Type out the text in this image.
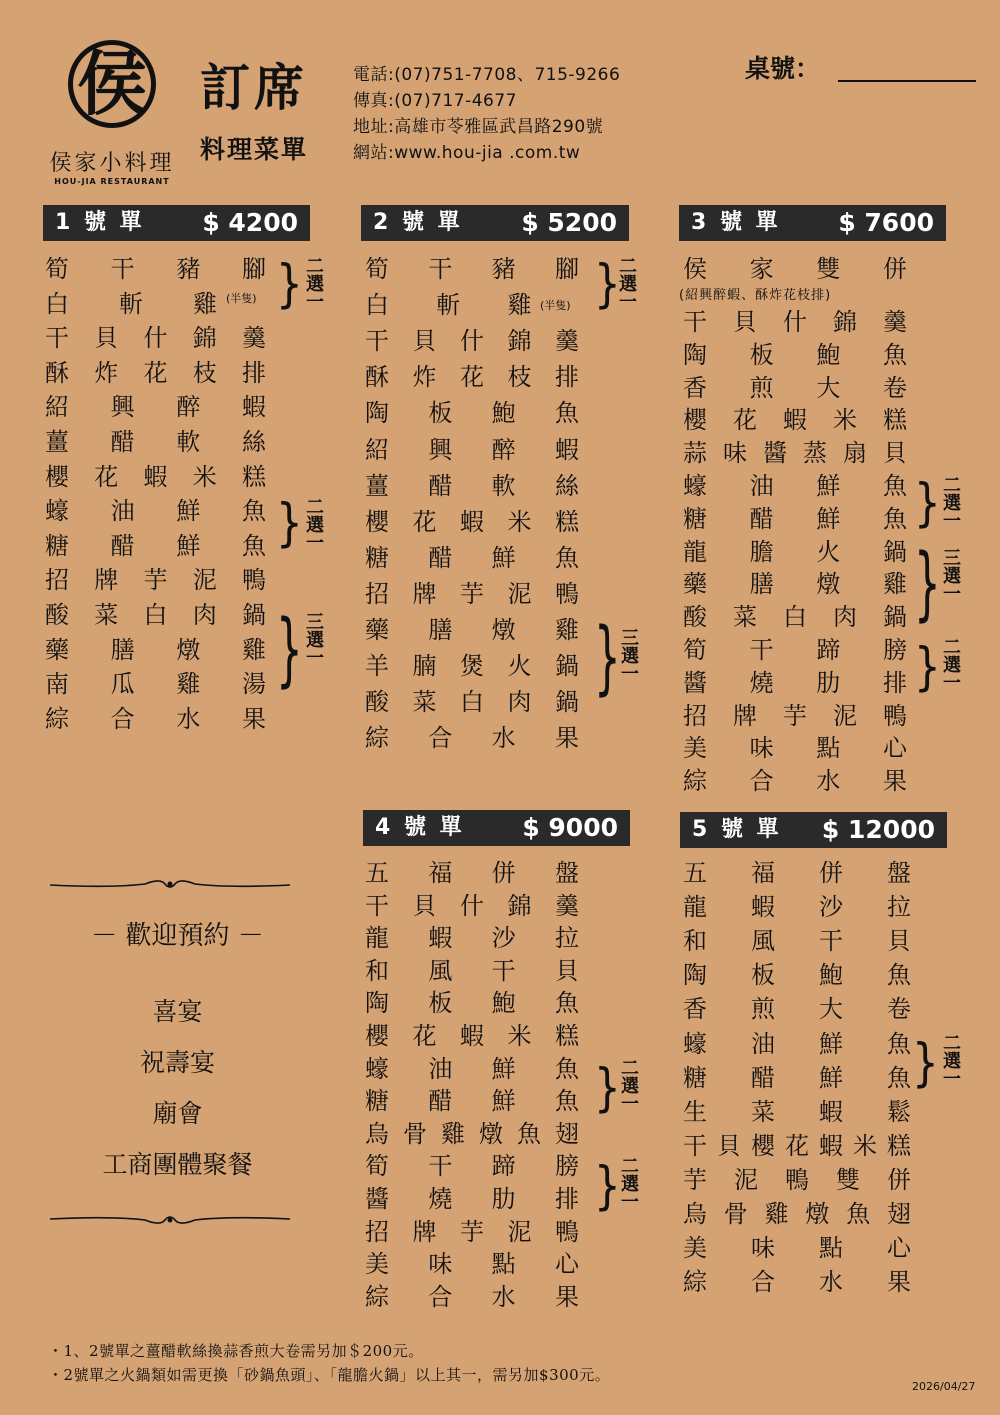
侯
侯家小料理
HOU-JIA RESTAURANT
訂席
料理菜單
電話:(07)751-7708、715-9266
傳真:(07)717-4677
地址:高雄市苓雅區武昌路290號
網站:www.hou-jia .com.tw
桌號：
1 號 單 $ 4200	2 號 單 $ 5200	3 號 單 $ 7600
4 號 單 $ 9000	5 號 單 $ 12000
筍 干 豬 腳
白 斬 雞
干 貝 什 錦 羹
酥 炸 花 枝 排
紹 興 醉 蝦
薑 醋 軟 絲
櫻 花 蝦 米 糕
蠔 油 鮮 魚
糖 醋 鮮 魚
招 牌 芋 泥 鴨
酸 菜 白 肉 鍋
藥 膳 燉 雞
南 瓜 雞 湯
綜 合 水 果
筍 干 豬 腳
白 斬 雞
干 貝 什 錦 羹
酥 炸 花 枝 排
陶 板 鮑 魚
紹 興 醉 蝦
薑 醋 軟 絲
櫻 花 蝦 米 糕
糖 醋 鮮 魚
招 牌 芋 泥 鴨
藥 膳 燉 雞
羊 腩 煲 火 鍋
酸 菜 白 肉 鍋
綜 合 水 果
侯 家 雙 併
干 貝 什 錦 羹
陶 板 鮑 魚
香 煎 大 卷
櫻 花 蝦 米 糕
蒜 味 醬 蒸 扇 貝
蠔 油 鮮 魚
糖 醋 鮮 魚
龍 膽 火 鍋
藥 膳 燉 雞
酸 菜 白 肉 鍋
筍 干 蹄 膀
醬 燒 肋 排
招 牌 芋 泥 鴨
美 味 點 心
綜 合 水 果
五 福 併 盤
干 貝 什 錦 羹
龍 蝦 沙 拉
和 風 干 貝
陶 板 鮑 魚
櫻 花 蝦 米 糕
蠔 油 鮮 魚
糖 醋 鮮 魚
烏 骨 雞 燉 魚 翅
筍 干 蹄 膀
醬 燒 肋 排
招 牌 芋 泥 鴨
美 味 點 心
綜 合 水 果
五 福 併 盤
龍 蝦 沙 拉
和 風 干 貝
陶 板 鮑 魚
香 煎 大 卷
蠔 油 鮮 魚
糖 醋 鮮 魚
生 菜 蝦 鬆
干 貝 櫻 花 蝦 米 糕
芋 泥 鴨 雙 併
烏 骨 雞 燉 魚 翅
美 味 點 心
綜 合 水 果
(半隻)
(半隻)
(紹興醉蝦、酥炸花枝排)
} 二選一
} 二選一
} 三選一
}
二選一
}
三選一
} 二選一
} 三選一
} 二選一
}
二選一
}
二選一
} 二選一
－ 歡迎預約 －
喜宴
祝壽宴
廟會
工商團體聚餐
・1、2號單之薑醋軟絲換蒜香煎大卷需另加＄200元。
・2號單之火鍋類如需更換「砂鍋魚頭」、「龍膽火鍋」以上其一，需另加$300元。
2026/04/27
